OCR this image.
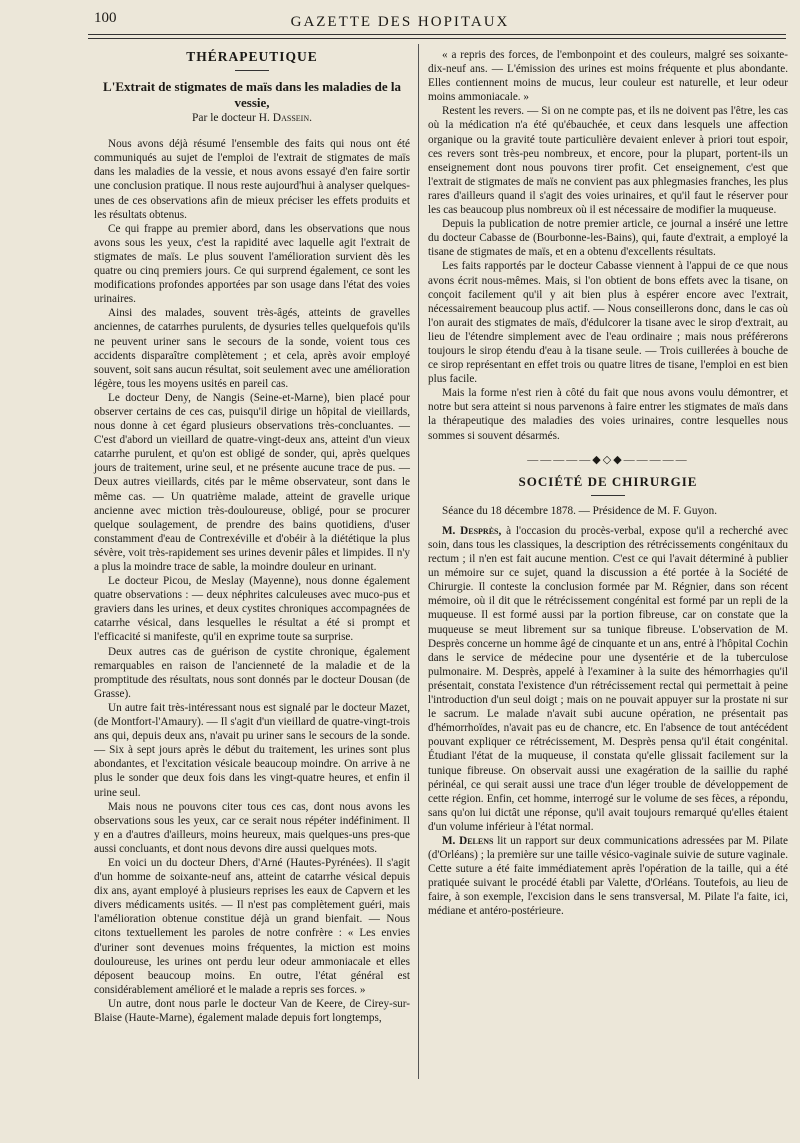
100	GAZETTE DES HOPITAUX
THÉRAPEUTIQUE

L'Extrait de stigmates de maïs dans les maladies de la vessie,

Par le docteur H. Dassein.

Nous avons déjà résumé l'ensemble des faits qui nous ont été communiqués au sujet de l'emploi de l'extrait de stigmates de maïs dans les maladies de la vessie, et nous avons essayé d'en faire sortir une conclusion pratique. Il nous reste aujourd'hui à analyser quelques-unes de ces observations afin de mieux préciser les effets produits et les résultats obtenus.

Ce qui frappe au premier abord, dans les observations que nous avons sous les yeux, c'est la rapidité avec laquelle agit l'extrait de stigmates de maïs. Le plus souvent l'amélioration survient dès les quatre ou cinq premiers jours. Ce qui surprend également, ce sont les modifications profondes apportées par son usage dans l'état des voies urinaires.

Ainsi des malades, souvent très-âgés, atteints de gravelles anciennes, de catarrhes purulents, de dysuries telles quelquefois qu'ils ne peuvent uriner sans le secours de la sonde, voient tous ces accidents disparaître complètement ; et cela, après avoir employé souvent, soit sans aucun résultat, soit seulement avec une amélioration légère, tous les moyens usités en pareil cas.

Le docteur Deny, de Nangis (Seine-et-Marne), bien placé pour observer certains de ces cas, puisqu'il dirige un hôpital de vieillards, nous donne à cet égard plusieurs observations très-concluantes. — C'est d'abord un vieillard de quatre-vingt-deux ans, atteint d'un vieux catarrhe purulent, et qu'on est obligé de sonder, qui, après quelques jours de traitement, urine seul, et ne présente aucune trace de pus. — Deux autres vieillards, cités par le même observateur, sont dans le même cas. — Un quatrième malade, atteint de gravelle urique ancienne avec miction très-douloureuse, obligé, pour se procurer quelque soulagement, de prendre des bains quotidiens, d'user constamment d'eau de Contrexéville et d'obéir à la diététique la plus sévère, voit très-rapidement ses urines devenir pâles et limpides. Il n'y a plus la moindre trace de sable, la moindre douleur en urinant.

Le docteur Picou, de Meslay (Mayenne), nous donne également quatre observations : — deux néphrites calculeuses avec muco-pus et graviers dans les urines, et deux cystites chroniques accompagnées de catarrhe vésical, dans lesquelles le résultat a été si prompt et l'efficacité si manifeste, qu'il en exprime toute sa surprise.

Deux autres cas de guérison de cystite chronique, également remarquables en raison de l'ancienneté de la maladie et de la promptitude des résultats, nous sont donnés par le docteur Dousan (de Grasse).

Un autre fait très-intéressant nous est signalé par le docteur Mazet, (de Montfort-l'Amaury). — Il s'agit d'un vieillard de quatre-vingt-trois ans qui, depuis deux ans, n'avait pu uriner sans le secours de la sonde. — Six à sept jours après le début du traitement, les urines sont plus abondantes, et l'excitation vésicale beaucoup moindre. On arrive à ne plus le sonder que deux fois dans les vingt-quatre heures, et enfin il urine seul.

Mais nous ne pouvons citer tous ces cas, dont nous avons les observations sous les yeux, car ce serait nous répéter indéfiniment. Il y en a d'autres d'ailleurs, moins heureux, mais quelques-uns pres-que aussi concluants, et dont nous devons dire aussi quelques mots.

En voici un du docteur Dhers, d'Arné (Hautes-Pyrénées). Il s'agit d'un homme de soixante-neuf ans, atteint de catarrhe vésical depuis dix ans, ayant employé à plusieurs reprises les eaux de Capvern et les divers médicaments usités. — Il n'est pas complètement guéri, mais l'amélioration obtenue constitue déjà un grand bienfait. — Nous citons textuellement les paroles de notre confrère : « Les envies d'uriner sont devenues moins fréquentes, la miction est moins douloureuse, les urines ont perdu leur odeur ammoniacale et elles déposent beaucoup moins. En outre, l'état général est considérablement amélioré et le malade a repris ses forces. »

Un autre, dont nous parle le docteur Van de Keere, de Cirey-sur-Blaise (Haute-Marne), également malade depuis fort longtemps,

« a repris des forces, de l'embonpoint et des couleurs, malgré ses soixante-dix-neuf ans. — L'émission des urines est moins fréquente et plus abondante. Elles contiennent moins de mucus, leur couleur est naturelle, et leur odeur moins ammoniacale. »

Restent les revers. — Si on ne compte pas, et ils ne doivent pas l'être, les cas où la médication n'a été qu'ébauchée, et ceux dans lesquels une affection organique ou la gravité toute particulière devaient enlever à priori tout espoir, ces revers sont très-peu nombreux, et encore, pour la plupart, portent-ils un enseignement dont nous pouvons tirer profit. Cet enseignement, c'est que l'extrait de stigmates de maïs ne convient pas aux phlegmasies franches, les plus rares d'ailleurs quand il s'agit des voies urinaires, et qu'il faut le réserver pour les cas beaucoup plus nombreux où il est nécessaire de modifier la muqueuse.

Depuis la publication de notre premier article, ce journal a inséré une lettre du docteur Cabasse de (Bourbonne-les-Bains), qui, faute d'extrait, a employé la tisane de stigmates de maïs, et en a obtenu d'excellents résultats.

Les faits rapportés par le docteur Cabasse viennent à l'appui de ce que nous avons écrit nous-mêmes. Mais, si l'on obtient de bons effets avec la tisane, on conçoit facilement qu'il y ait bien plus à espérer encore avec l'extrait, nécessairement beaucoup plus actif. — Nous conseillerons donc, dans le cas où l'on aurait des stigmates de maïs, d'édulcorer la tisane avec le sirop d'extrait, au lieu de l'étendre simplement avec de l'eau ordinaire ; mais nous préférerons toujours le sirop étendu d'eau à la tisane seule. — Trois cuillerées à bouche de ce sirop représentant en effet trois ou quatre litres de tisane, l'emploi en est bien plus facile.

Mais la forme n'est rien à côté du fait que nous avons voulu démontrer, et notre but sera atteint si nous parvenons à faire entrer les stigmates de maïs dans la thérapeutique des maladies des voies urinaires, contre lesquelles nous sommes si souvent désarmés.

—————◆◇◆—————
SOCIÉTÉ DE CHIRURGIE

Séance du 18 décembre 1878. — Présidence de M. F. Guyon.

M. Desprès, à l'occasion du procès-verbal, expose qu'il a recherché avec soin, dans tous les classiques, la description des rétrécissements congénitaux du rectum ; il n'en est fait aucune mention. C'est ce qui l'avait déterminé à publier un mémoire sur ce sujet, quand la discussion a été portée à la Société de Chirurgie. Il conteste la conclusion formée par M. Régnier, dans son récent mémoire, où il dit que le rétrécissement congénital est formé par un repli de la muqueuse. Il est formé aussi par la portion fibreuse, car on constate que la muqueuse se meut librement sur sa tunique fibreuse. L'observation de M. Desprès concerne un homme âgé de cinquante et un ans, entré à l'hôpital Cochin dans le service de médecine pour une dysentérie et de la tuberculose pulmonaire. M. Desprès, appelé à l'examiner à la suite des hémorrhagies qu'il présentait, constata l'existence d'un rétrécissement rectal qui permettait à peine l'introduction d'un seul doigt ; mais on ne pouvait appuyer sur la prostate ni sur le sacrum. Le malade n'avait subi aucune opération, ne présentait pas d'hémorrhoïdes, n'avait pas eu de chancre, etc. En l'absence de tout antécédent pouvant expliquer ce rétrécissement, M. Desprès pensa qu'il était congénital. Étudiant l'état de la muqueuse, il constata qu'elle glissait facilement sur la tunique fibreuse. On observait aussi une exagération de la saillie du raphé périnéal, ce qui serait aussi une trace d'un léger trouble de développement de cette région. Enfin, cet homme, interrogé sur le volume de ses fèces, a répondu, sans qu'on lui dictât une réponse, qu'il avait toujours remarqué qu'elles étaient d'un volume inférieur à l'état normal.

M. Delens lit un rapport sur deux communications adressées par M. Pilate (d'Orléans) ; la première sur une taille vésico-vaginale suivie de suture vaginale. Cette suture a été faite immédiatement après l'opération de la taille, qui a été pratiquée suivant le procédé établi par Valette, d'Orléans. Toutefois, au lieu de faire, à son exemple, l'excision dans le sens transversal, M. Pilate l'a faite, ici, médiane et antéro-postérieure.
